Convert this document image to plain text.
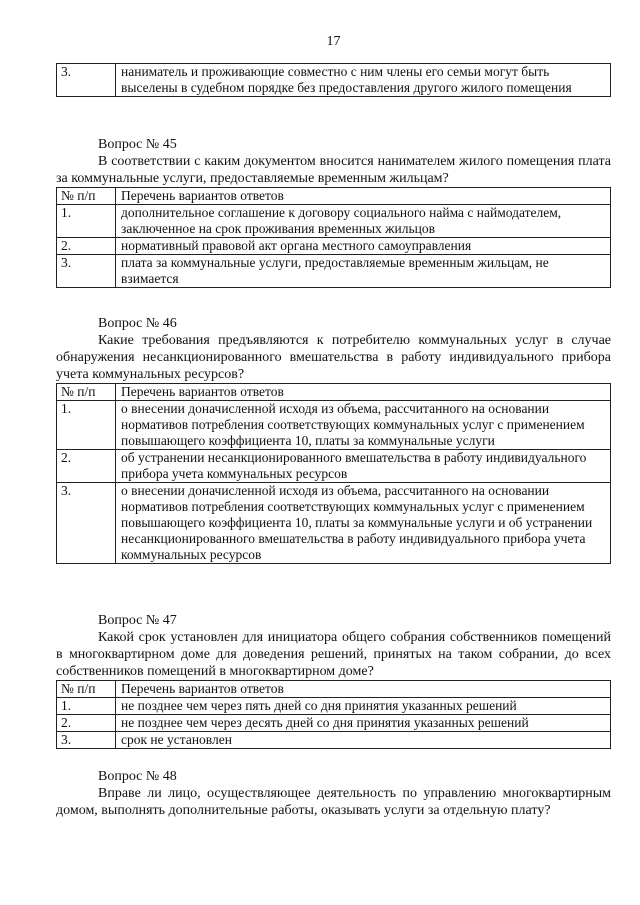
17
3.	наниматель и проживающие совместно с ним члены его семьи могут быть выселены в судебном порядке без предоставления другого жилого помещения
Вопрос № 45
В соответствии с каким документом вносится нанимателем жилого помещения плата за коммунальные услуги, предоставляемые временным жильцам?
№ п/п	Перечень вариантов ответов
1.	дополнительное соглашение к договору социального найма с наймодателем, заключенное на срок проживания временных жильцов
2.	нормативный правовой акт органа местного самоуправления
3.	плата за коммунальные услуги, предоставляемые временным жильцам, не взимается
Вопрос № 46
Какие требования предъявляются к потребителю коммунальных услуг в случае обнаружения несанкционированного вмешательства в работу индивидуального прибора учета коммунальных ресурсов?
№ п/п	Перечень вариантов ответов
1.	о внесении доначисленной исходя из объема, рассчитанного на основании нормативов потребления соответствующих коммунальных услуг с применением повышающего коэффициента 10, платы за коммунальные услуги
2.	об устранении несанкционированного вмешательства в работу индивидуального прибора учета коммунальных ресурсов
3.	о внесении доначисленной исходя из объема, рассчитанного на основании нормативов потребления соответствующих коммунальных услуг с применением повышающего коэффициента 10, платы за коммунальные услуги и об устранении несанкционированного вмешательства в работу индивидуального прибора учета коммунальных ресурсов
Вопрос № 47
Какой срок установлен для инициатора общего собрания собственников помещений в многоквартирном доме для доведения решений, принятых на таком собрании, до всех собственников помещений в многоквартирном доме?
№ п/п	Перечень вариантов ответов
1.	не позднее чем через пять дней со дня принятия указанных решений
2.	не позднее чем через десять дней со дня принятия указанных решений
3.	срок не установлен
Вопрос № 48
Вправе ли лицо, осуществляющее деятельность по управлению многоквартирным домом, выполнять дополнительные работы, оказывать услуги за отдельную плату?
